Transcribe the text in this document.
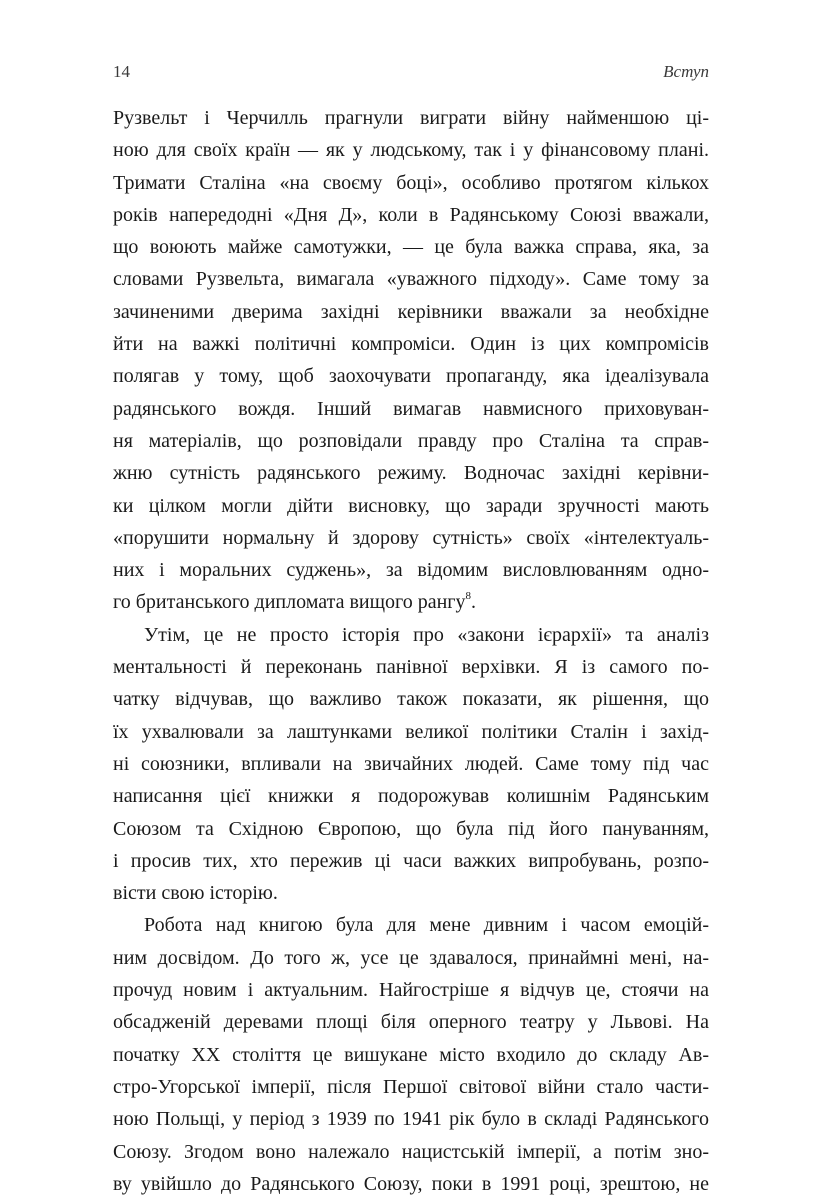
14	Вступ
Рузвельт і Черчилль прагнули виграти війну найменшою ці-
ною для своїх країн — як у людському, так і у фінансовому плані.
Тримати Сталіна «на своєму боці», особливо протягом кількох
років напередодні «Дня Д», коли в Радянському Союзі вважали,
що воюють майже самотужки, — це була важка справа, яка, за
словами Рузвельта, вимагала «уважного підходу». Саме тому за
зачиненими дверима західні керівники вважали за необхідне
йти на важкі політичні компроміси. Один із цих компромісів
полягав у тому, щоб заохочувати пропаганду, яка ідеалізувала
радянського вождя. Інший вимагав навмисного приховуван-
ня матеріалів, що розповідали правду про Сталіна та справ-
жню сутність радянського режиму. Водночас західні керівни-
ки цілком могли дійти висновку, що заради зручності мають
«порушити нормальну й здорову сутність» своїх «інтелектуаль-
них і моральних суджень», за відомим висловлюванням одно-
го британського дипломата вищого рангу$^8$.
Утім, це не просто історія про «закони ієрархії» та аналіз
ментальності й переконань панівної верхівки. Я із самого по-
чатку відчував, що важливо також показати, як рішення, що
їх ухвалювали за лаштунками великої політики Сталін і захід-
ні союзники, впливали на звичайних людей. Саме тому під час
написання цієї книжки я подорожував колишнім Радянським
Союзом та Східною Європою, що була під його пануванням,
і просив тих, хто пережив ці часи важких випробувань, розпо-
вісти свою історію.
Робота над книгою була для мене дивним і часом емоцій-
ним досвідом. До того ж, усе це здавалося, принаймні мені, на-
прочуд новим і актуальним. Найгостріше я відчув це, стоячи на
обсадженій деревами площі біля оперного театру у Львові. На
початку XX століття це вишукане місто входило до складу Ав-
стро-Угорської імперії, після Першої світової війни стало части-
ною Польщі, у період з 1939 по 1941 рік було в складі Радянського
Союзу. Згодом воно належало нацистській імперії, а потім зно-
ву увійшло до Радянського Союзу, поки в 1991 році, зрештою, не
